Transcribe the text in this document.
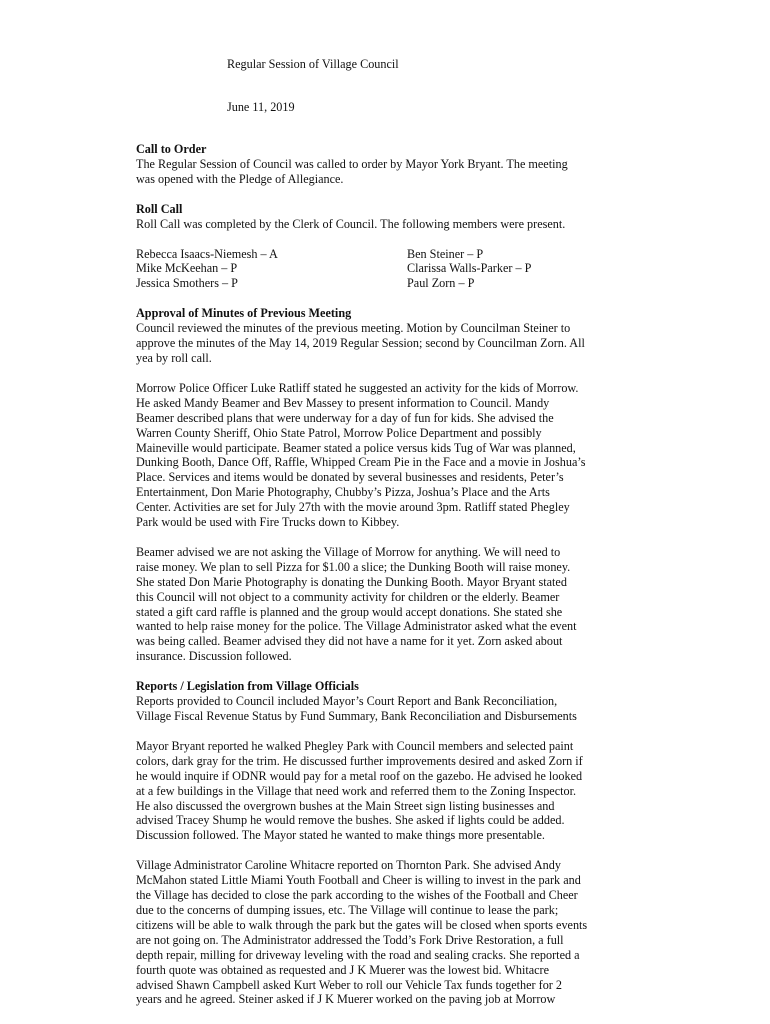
Regular Session of Village Council
June 11, 2019
Call to Order
The Regular Session of Council was called to order by Mayor York Bryant. The meeting
was opened with the Pledge of Allegiance.
Roll Call
Roll Call was completed by the Clerk of Council. The following members were present.
Rebecca Isaacs-Niemesh – A
Mike McKeehan – P
Jessica Smothers – P
Ben Steiner – P
Clarissa Walls-Parker – P
Paul Zorn – P
Approval of Minutes of Previous Meeting
Council reviewed the minutes of the previous meeting. Motion by Councilman Steiner to
approve the minutes of the May 14, 2019 Regular Session; second by Councilman Zorn. All
yea by roll call.
Morrow Police Officer Luke Ratliff stated he suggested an activity for the kids of Morrow.
He asked Mandy Beamer and Bev Massey to present information to Council. Mandy
Beamer described plans that were underway for a day of fun for kids. She advised the
Warren County Sheriff, Ohio State Patrol, Morrow Police Department and possibly
Maineville would participate. Beamer stated a police versus kids Tug of War was planned,
Dunking Booth, Dance Off, Raffle, Whipped Cream Pie in the Face and a movie in Joshua’s
Place. Services and items would be donated by several businesses and residents, Peter’s
Entertainment, Don Marie Photography, Chubby’s Pizza, Joshua’s Place and the Arts
Center. Activities are set for July 27th with the movie around 3pm. Ratliff stated Phegley
Park would be used with Fire Trucks down to Kibbey.
Beamer advised we are not asking the Village of Morrow for anything. We will need to
raise money. We plan to sell Pizza for $1.00 a slice; the Dunking Booth will raise money.
She stated Don Marie Photography is donating the Dunking Booth. Mayor Bryant stated
this Council will not object to a community activity for children or the elderly. Beamer
stated a gift card raffle is planned and the group would accept donations. She stated she
wanted to help raise money for the police. The Village Administrator asked what the event
was being called. Beamer advised they did not have a name for it yet. Zorn asked about
insurance. Discussion followed.
Reports / Legislation from Village Officials
Reports provided to Council included Mayor’s Court Report and Bank Reconciliation,
Village Fiscal Revenue Status by Fund Summary, Bank Reconciliation and Disbursements
Mayor Bryant reported he walked Phegley Park with Council members and selected paint
colors, dark gray for the trim. He discussed further improvements desired and asked Zorn if
he would inquire if ODNR would pay for a metal roof on the gazebo. He advised he looked
at a few buildings in the Village that need work and referred them to the Zoning Inspector.
He also discussed the overgrown bushes at the Main Street sign listing businesses and
advised Tracey Shump he would remove the bushes. She asked if lights could be added.
Discussion followed. The Mayor stated he wanted to make things more presentable.
Village Administrator Caroline Whitacre reported on Thornton Park. She advised Andy
McMahon stated Little Miami Youth Football and Cheer is willing to invest in the park and
the Village has decided to close the park according to the wishes of the Football and Cheer
due to the concerns of dumping issues, etc. The Village will continue to lease the park;
citizens will be able to walk through the park but the gates will be closed when sports events
are not going on. The Administrator addressed the Todd’s Fork Drive Restoration, a full
depth repair, milling for driveway leveling with the road and sealing cracks. She reported a
fourth quote was obtained as requested and J K Muerer was the lowest bid. Whitacre
advised Shawn Campbell asked Kurt Weber to roll our Vehicle Tax funds together for 2
years and he agreed. Steiner asked if J K Muerer worked on the paving job at Morrow
